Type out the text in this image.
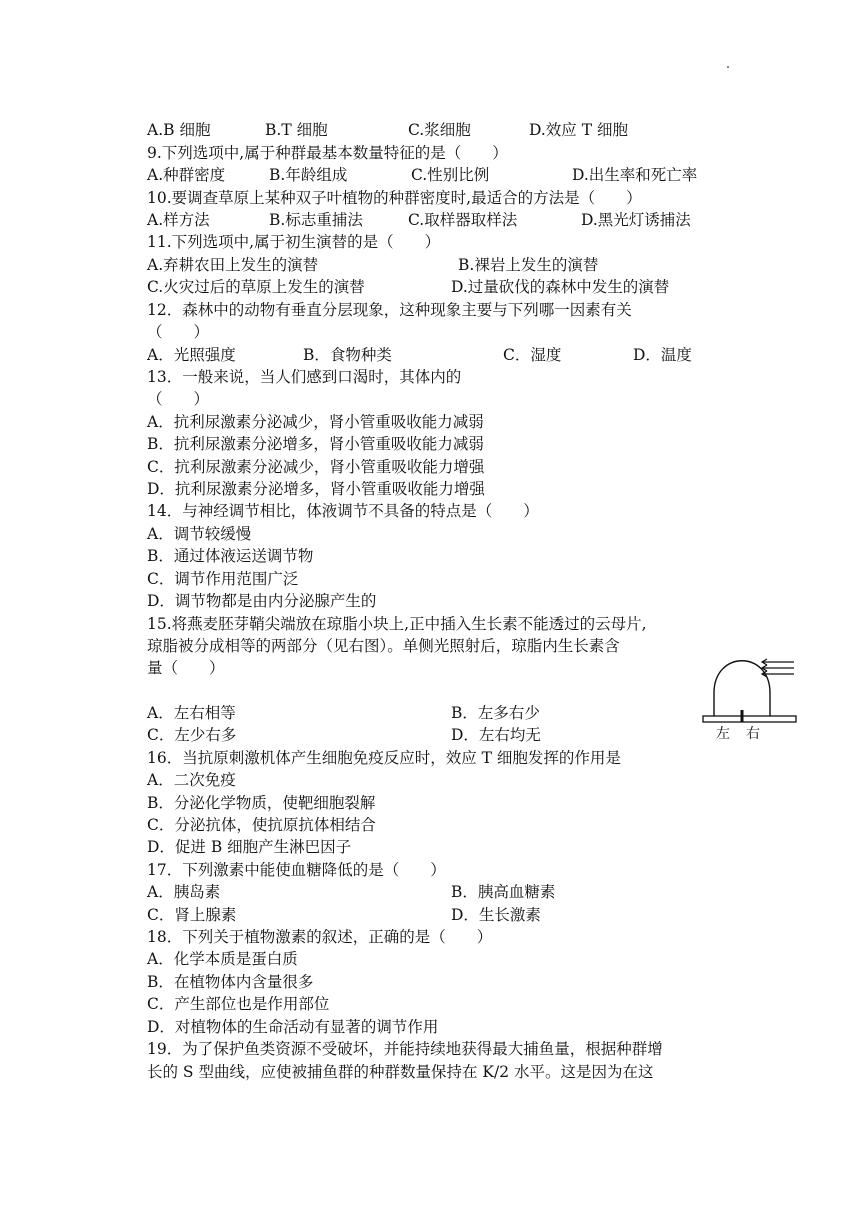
A.B 细胞	B.T 细胞	C.浆细胞	D.效应 T 细胞
9.下列选项中,属于种群最基本数量特征的是（　　）
A.种群密度	B.年龄组成	C.性别比例	D.出生率和死亡率
10.要调查草原上某种双子叶植物的种群密度时,最适合的方法是（　　）
A.样方法	B.标志重捕法	C.取样器取样法	D.黑光灯诱捕法
11.下列选项中,属于初生演替的是（　　）
A.弃耕农田上发生的演替	B.裸岩上发生的演替
C.火灾过后的草原上发生的演替	D.过量砍伐的森林中发生的演替
12．森林中的动物有垂直分层现象，这种现象主要与下列哪一因素有关
（　　）
A．光照强度	B．食物种类	C．湿度	D．温度
13．一般来说，当人们感到口渴时，其体内的
（　　）
A．抗利尿激素分泌减少，肾小管重吸收能力减弱
B．抗利尿激素分泌增多，肾小管重吸收能力减弱
C．抗利尿激素分泌减少，肾小管重吸收能力增强
D．抗利尿激素分泌增多，肾小管重吸收能力增强
14．与神经调节相比，体液调节不具备的特点是（　　）
A．调节较缓慢
B．通过体液运送调节物
C．调节作用范围广泛
D．调节物都是由内分泌腺产生的
15.将燕麦胚芽鞘尖端放在琼脂小块上,正中插入生长素不能透过的云母片,
琼脂被分成相等的两部分（见右图）。单侧光照射后，琼脂内生长素含
量（　　）
A．左右相等	B．左多右少
C．左少右多	D．左右均无	左 右
16．当抗原刺激机体产生细胞免疫反应时，效应 T 细胞发挥的作用是
A．二次免疫
B．分泌化学物质，使靶细胞裂解
C．分泌抗体，使抗原抗体相结合
D．促进 B 细胞产生淋巴因子
17．下列激素中能使血糖降低的是（　　）
A．胰岛素	B．胰高血糖素
C．肾上腺素	D．生长激素
18．下列关于植物激素的叙述，正确的是（　　）
A．化学本质是蛋白质
B．在植物体内含量很多
C．产生部位也是作用部位
D．对植物体的生命活动有显著的调节作用
19．为了保护鱼类资源不受破坏，并能持续地获得最大捕鱼量，根据种群增
长的 S 型曲线，应使被捕鱼群的种群数量保持在 K/2 水平。这是因为在这
